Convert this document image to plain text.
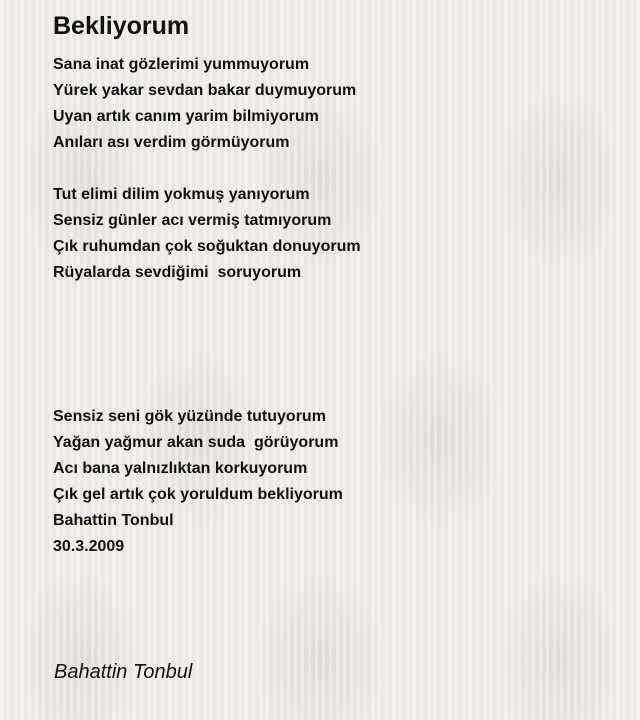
Bekliyorum
Sana inat gözlerimi yummuyorum
Yürek yakar sevdan bakar duymuyorum
Uyan artık canım yarim bilmiyorum
Anıları ası verdim görmüyorum
Tut elimi dilim yokmuş yanıyorum
Sensiz günler acı vermiş tatmıyorum
Çık ruhumdan çok soğuktan donuyorum
Rüyalarda sevdiğimi  soruyorum
Sensiz seni gök yüzünde tutuyorum
Yağan yağmur akan suda  görüyorum
Acı bana yalnızlıktan korkuyorum
Çık gel artık çok yoruldum bekliyorum
Bahattin Tonbul
30.3.2009
Bahattin Tonbul
